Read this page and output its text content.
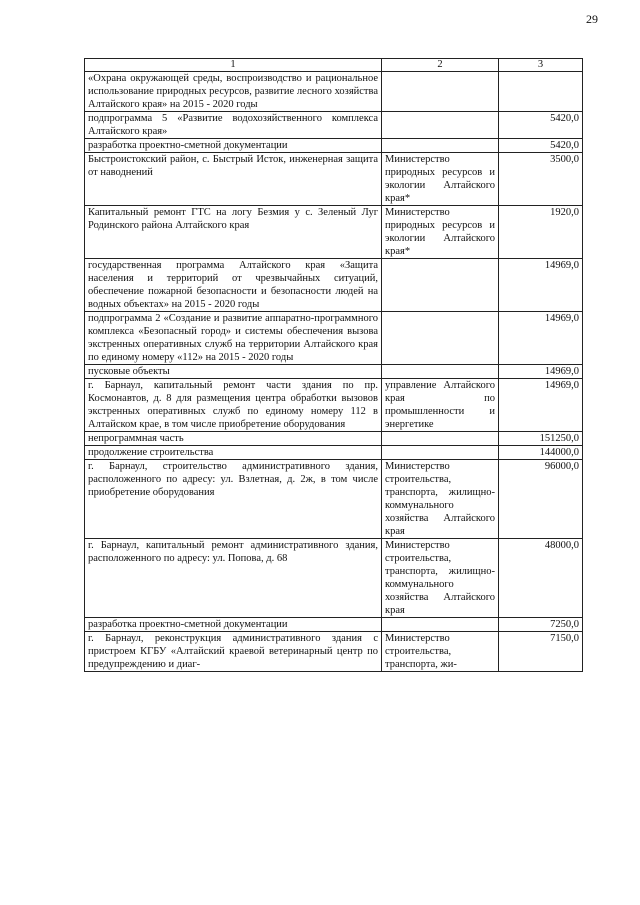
29
1	2	3
«Охрана окружающей среды, воспроизводство и рациональное использование природных ресурсов, развитие лесного хозяйства Алтайского края» на 2015 - 2020 годы		
подпрограмма 5 «Развитие водохозяйственного комплекса Алтайского края»		5420,0
разработка проектно-сметной документации		5420,0
Быстроистокский район, с. Быстрый Исток, инженерная защита от наводнений	Министерство природных ресурсов и экологии Алтайского края*	3500,0
Капитальный ремонт ГТС на логу Безмия у с. Зеленый Луг Родинского района Алтайского края	Министерство природных ресурсов и экологии Алтайского края*	1920,0
государственная программа Алтайского края «Защита населения и территорий от чрезвычайных ситуаций, обеспечение пожарной безопасности и безопасности людей на водных объектах» на 2015 - 2020 годы		14969,0
подпрограмма 2 «Создание и развитие аппаратно-программного комплекса «Безопасный город» и системы обеспечения вызова экстренных оперативных служб на территории Алтайского края по единому номеру «112» на 2015 - 2020 годы		14969,0
пусковые объекты		14969,0
г. Барнаул, капитальный ремонт части здания по пр. Космонавтов, д. 8 для размещения центра обработки вызовов экстренных оперативных служб по единому номеру 112 в Алтайском крае, в том числе приобретение оборудования	управление Алтайского края по промышленности и энергетике	14969,0
непрограммная часть		151250,0
продолжение строительства		144000,0
г. Барнаул, строительство административного здания, расположенного по адресу: ул. Взлетная, д. 2ж, в том числе приобретение оборудования	Министерство строительства, транспорта, жилищно-коммунального хозяйства Алтайского края	96000,0
г. Барнаул, капитальный ремонт административного здания, расположенного по адресу: ул. Попова, д. 68	Министерство строительства, транспорта, жилищно-коммунального хозяйства Алтайского края	48000,0
разработка проектно-сметной документации		7250,0
г. Барнаул, реконструкция административного здания с пристроем КГБУ «Алтайский краевой ветеринарный центр по предупреждению и диаг-	Министерство строительства, транспорта, жи-	7150,0
